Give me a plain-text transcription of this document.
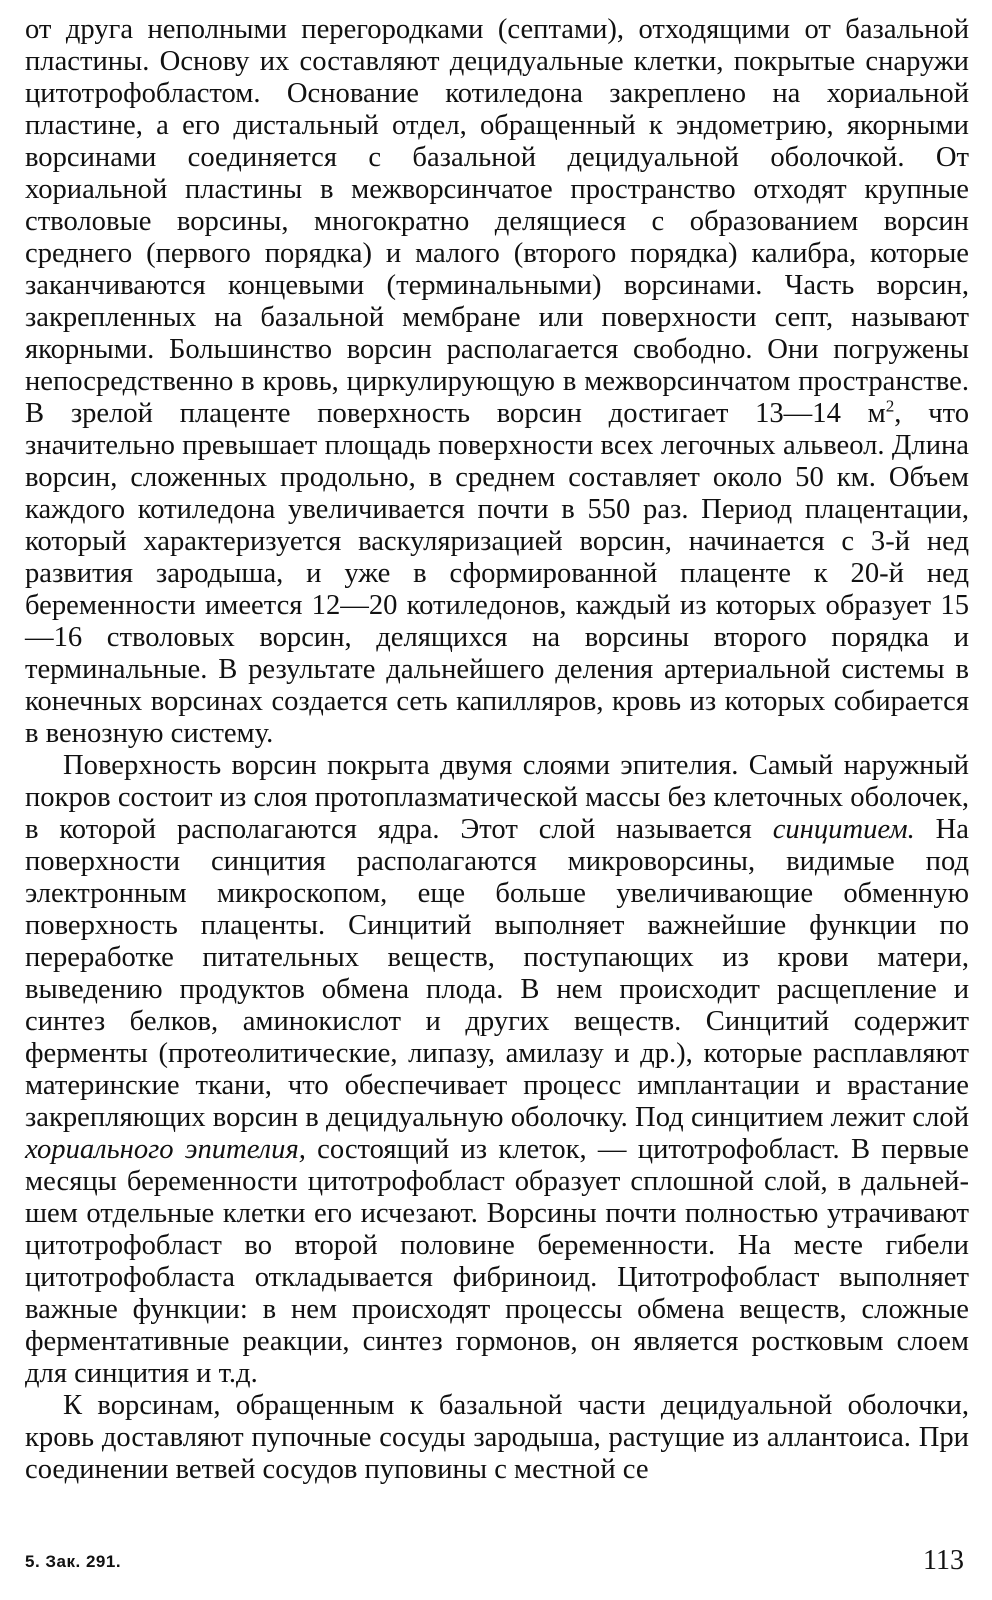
от друга неполными перегородками (септами), отходящими от базальной пластины. Основу их составляют децидуальные клетки, покрытые снаружи цитотрофобластом. Основание котиледона закреплено на хориальной пластине, а его дистальный отдел, обращенный к эндометрию, якорными ворсинами соединяется с базальной децидуальной оболочкой. От хориальной пластины в межворсинчатое пространство отходят крупные стволовые ворсины, многократно делящиеся с образованием ворсин среднего (первого порядка) и малого (второго порядка) калибра, которые заканчиваются концевыми (терминальными) ворсинами. Часть ворсин, закрепленных на базальной мембране или поверхности септ, называют якорными. Большинство ворсин располагается свободно. Они погружены непосредственно в кровь, циркулирующую в межворсинчатом пространстве. В зрелой плаценте поверхность ворсин достигает 13—14 $м^2$, что значительно превышает площадь поверхности всех легочных альвеол. Длина ворсин, сложенных продольно, в среднем составляет около 50 км. Объем каждого котиледона увеличивается почти в 550 раз. Период плацентации, который характеризуется васкуляризацией ворсин, начинается с 3-й нед развития зародыша, и уже в сформированной плаценте к 20-й нед беременности имеется 12—20 котиледонов, каждый из которых образует 15—16 стволовых ворсин, делящихся на ворсины второго порядка и терминальные. В результате дальнейшего деления артериальной системы в конечных ворсинах создается сеть капилляров, кровь из которых собирается в венозную систему.

Поверхность ворсин покрыта двумя слоями эпителия. Самый наружный покров состоит из слоя протоплазматической массы без клеточных оболочек, в которой располагаются ядра. Этот слой называется синцитием. На поверхности синцития располагаются микроворсины, видимые под электронным микроскопом, еще больше увеличивающие обменную поверхность плаценты. Синцитий выполняет важнейшие функции по переработке питательных веществ, поступающих из крови матери, выведению продуктов обмена плода. В нем происходит расщепление и синтез белков, аминокислот и других веществ. Синцитий содержит ферменты (протеолитические, липазу, амилазу и др.), которые расплавляют материнские ткани, что обеспечивает процесс имплантации и врастание закрепляющих ворсин в децидуальную оболочку. Под синцитием лежит слой хориального эпителия, состоящий из клеток, — цитотрофобласт. В первые месяцы беременности цитотрофобласт образует сплошной слой, в дальнейшем отдельные клетки его исчезают. Ворсины почти полностью утрачивают цитотрофобласт во второй половине беременности. На месте гибели цитотрофобласта откладывается фибриноид. Цитотрофобласт выполняет важные функции: в нем происходят процессы обмена веществ, сложные ферментативные реакции, синтез гормонов, он является ростковым слоем для синцития и т.д.

К ворсинам, обращенным к базальной части децидуальной оболочки, кровь доставляют пупочные сосуды зародыша, растущие из аллантоиса. При соединении ветвей сосудов пуповины с местной се

5. Зак. 291.	113
